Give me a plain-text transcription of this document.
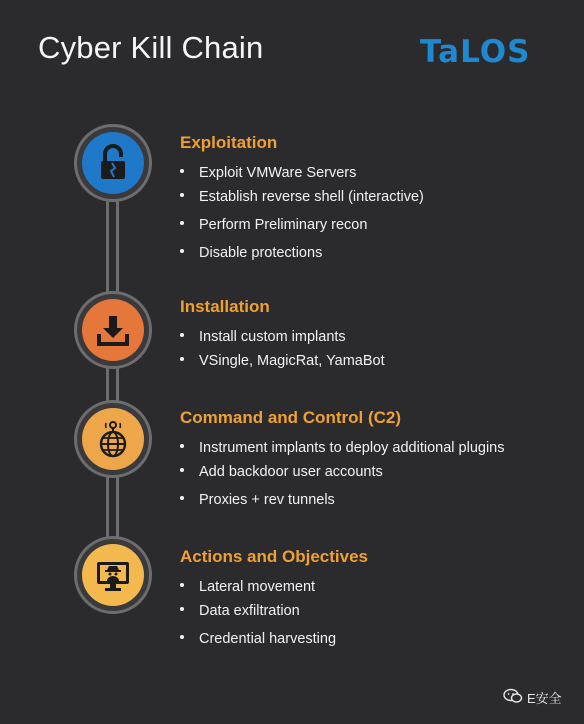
Cyber Kill Chain	TaLOS
Exploitation
Exploit VMWare Servers
Establish reverse shell (interactive)
Perform Preliminary recon
Disable protections
Installation
Install custom implants
VSingle, MagicRat, YamaBot
Command and Control (C2)
Instrument implants to deploy additional plugins
Add backdoor user accounts
Proxies + rev tunnels
Actions and Objectives
Lateral movement
Data exfiltration
Credential harvesting
E安全
